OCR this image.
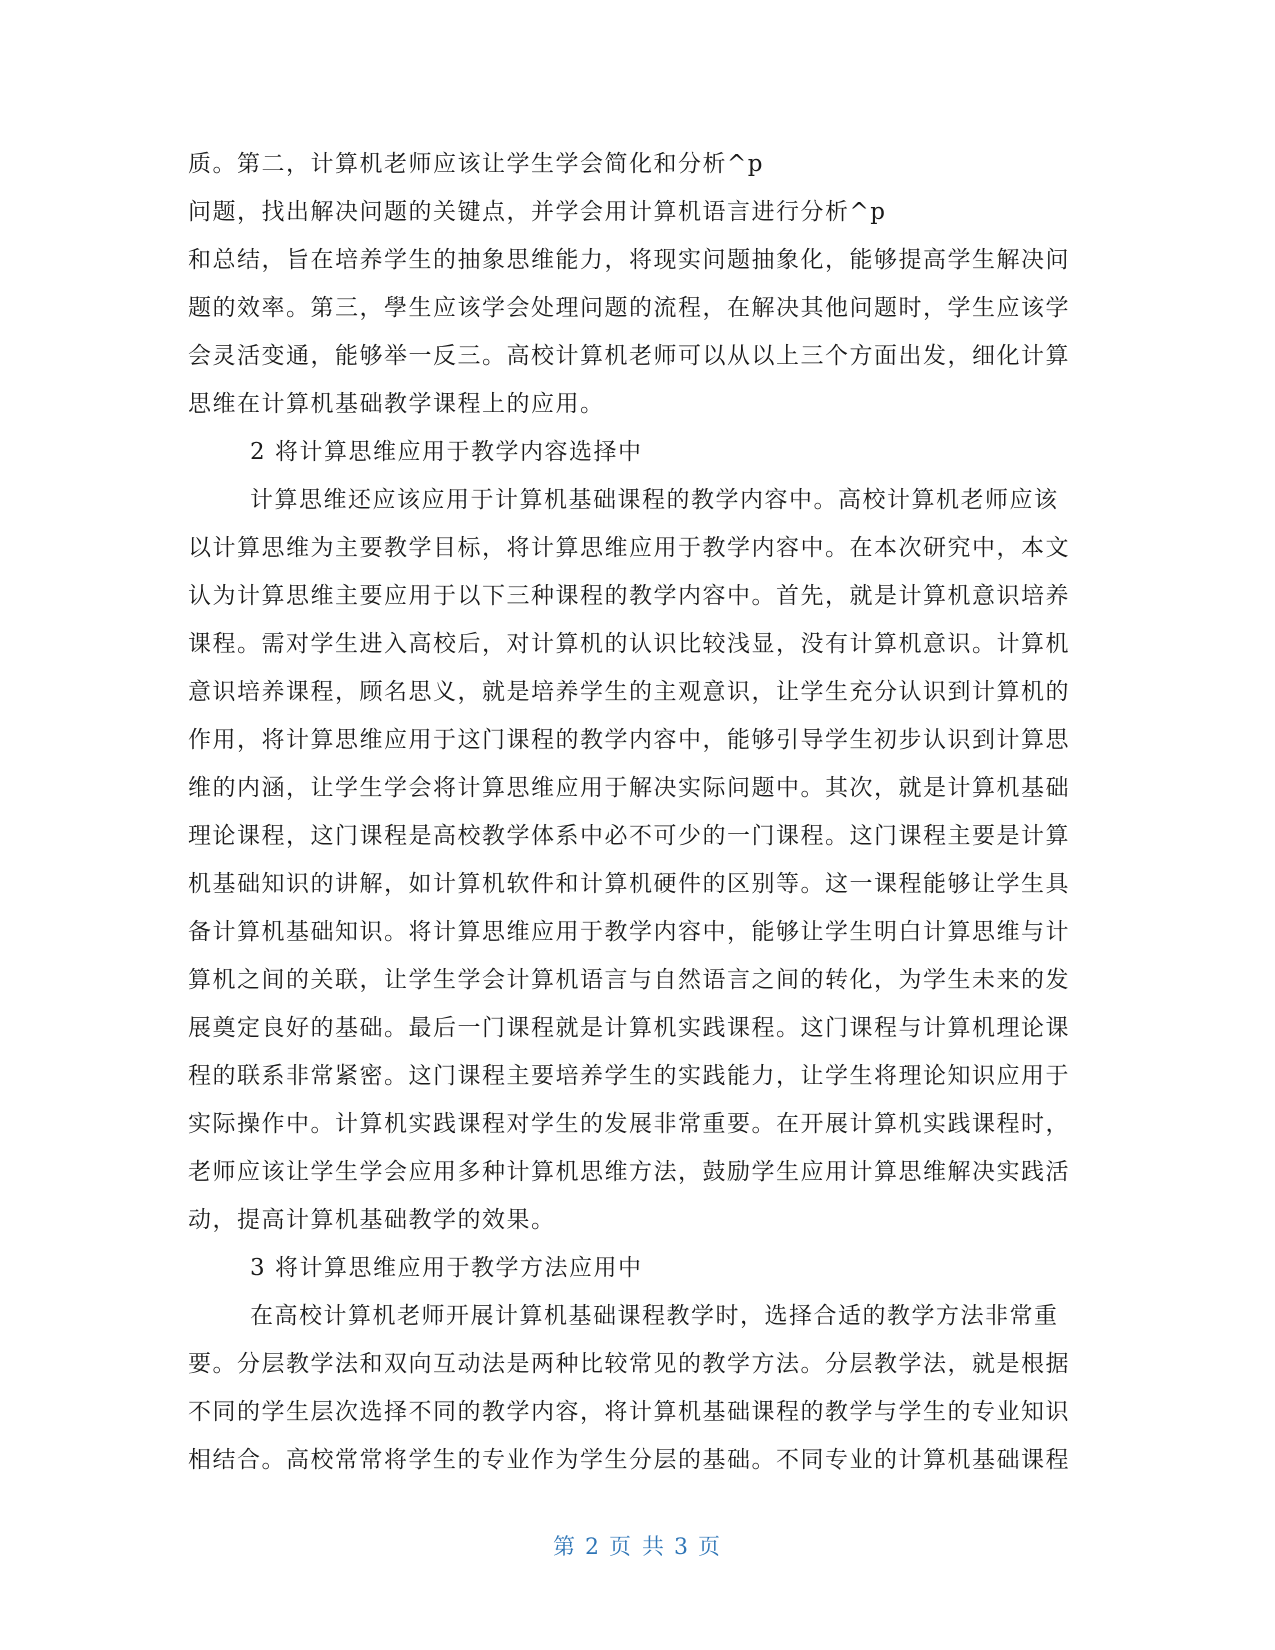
质。第二，计算机老师应该让学生学会简化和分析^p

问题，找出解决问题的关键点，并学会用计算机语言进行分析^p

和总结，旨在培养学生的抽象思维能力，将现实问题抽象化，能够提高学生解决问

题的效率。第三，學生应该学会处理问题的流程，在解决其他问题时，学生应该学

会灵活变通，能够举一反三。高校计算机老师可以从以上三个方面出发，细化计算

思维在计算机基础教学课程上的应用。

2 将计算思维应用于教学内容选择中

计算思维还应该应用于计算机基础课程的教学内容中。高校计算机老师应该

以计算思维为主要教学目标，将计算思维应用于教学内容中。在本次研究中，本文

认为计算思维主要应用于以下三种课程的教学内容中。首先，就是计算机意识培养

课程。需对学生进入高校后，对计算机的认识比较浅显，没有计算机意识。计算机

意识培养课程，顾名思义，就是培养学生的主观意识，让学生充分认识到计算机的

作用，将计算思维应用于这门课程的教学内容中，能够引导学生初步认识到计算思

维的内涵，让学生学会将计算思维应用于解决实际问题中。其次，就是计算机基础

理论课程，这门课程是高校教学体系中必不可少的一门课程。这门课程主要是计算

机基础知识的讲解，如计算机软件和计算机硬件的区别等。这一课程能够让学生具

备计算机基础知识。将计算思维应用于教学内容中，能够让学生明白计算思维与计

算机之间的关联，让学生学会计算机语言与自然语言之间的转化，为学生未来的发

展奠定良好的基础。最后一门课程就是计算机实践课程。这门课程与计算机理论课

程的联系非常紧密。这门课程主要培养学生的实践能力，让学生将理论知识应用于

实际操作中。计算机实践课程对学生的发展非常重要。在开展计算机实践课程时，

老师应该让学生学会应用多种计算机思维方法，鼓励学生应用计算思维解决实践活

动，提高计算机基础教学的效果。

3 将计算思维应用于教学方法应用中

在高校计算机老师开展计算机基础课程教学时，选择合适的教学方法非常重

要。分层教学法和双向互动法是两种比较常见的教学方法。分层教学法，就是根据

不同的学生层次选择不同的教学内容，将计算机基础课程的教学与学生的专业知识

相结合。高校常常将学生的专业作为学生分层的基础。不同专业的计算机基础课程

第 2 页 共 3 页
